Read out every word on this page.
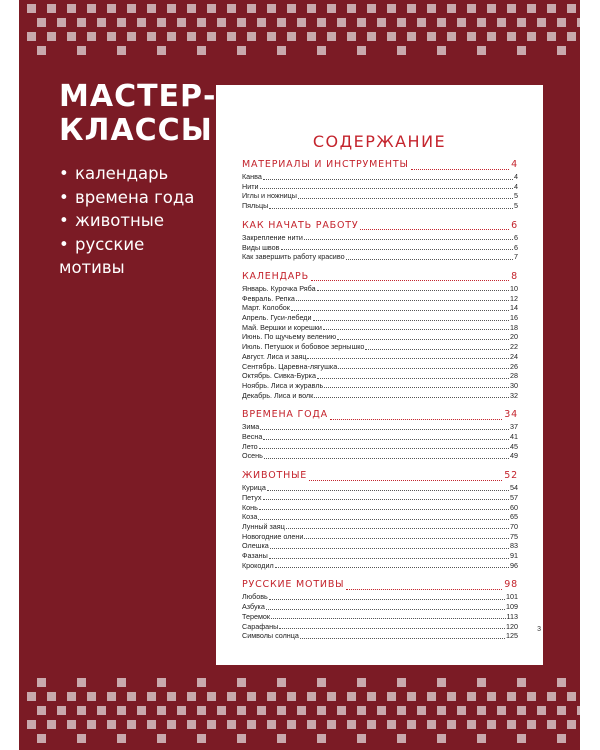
МАСТЕР-
КЛАССЫ
• календарь
• времена года
• животные
• русские
мотивы
СОДЕРЖАНИЕ
МАТЕРИАЛЫ И ИНСТРУМЕНТЫ	4
Канва	4
Нити	4
Иглы и ножницы	5
Пяльцы	5
КАК НАЧАТЬ РАБОТУ	6
Закрепление нити	6
Виды швов	6
Как завершить работу красиво	7
КАЛЕНДАРЬ	8
Январь. Курочка Ряба	10
Февраль. Репка	12
Март. Колобок	14
Апрель. Гуси-лебеди	16
Май. Вершки и корешки	18
Июнь. По щучьему велению	20
Июль. Петушок и бобовое зернышко	22
Август. Лиса и заяц	24
Сентябрь. Царевна-лягушка	26
Октябрь. Сивка-Бурка	28
Ноябрь. Лиса и журавль	30
Декабрь. Лиса и волк	32
ВРЕМЕНА ГОДА	34
Зима	37
Весна	41
Лето	45
Осень	49
ЖИВОТНЫЕ	52
Курица	54
Петух	57
Конь	60
Коза	65
Лунный заяц	70
Новогодние олени	75
Олешка	83
Фазаны	91
Крокодил	96
РУССКИЕ МОТИВЫ	98
Любовь	101
Азбука	109
Теремок	113
Сарафаны	120
Символы солнца	125
3
